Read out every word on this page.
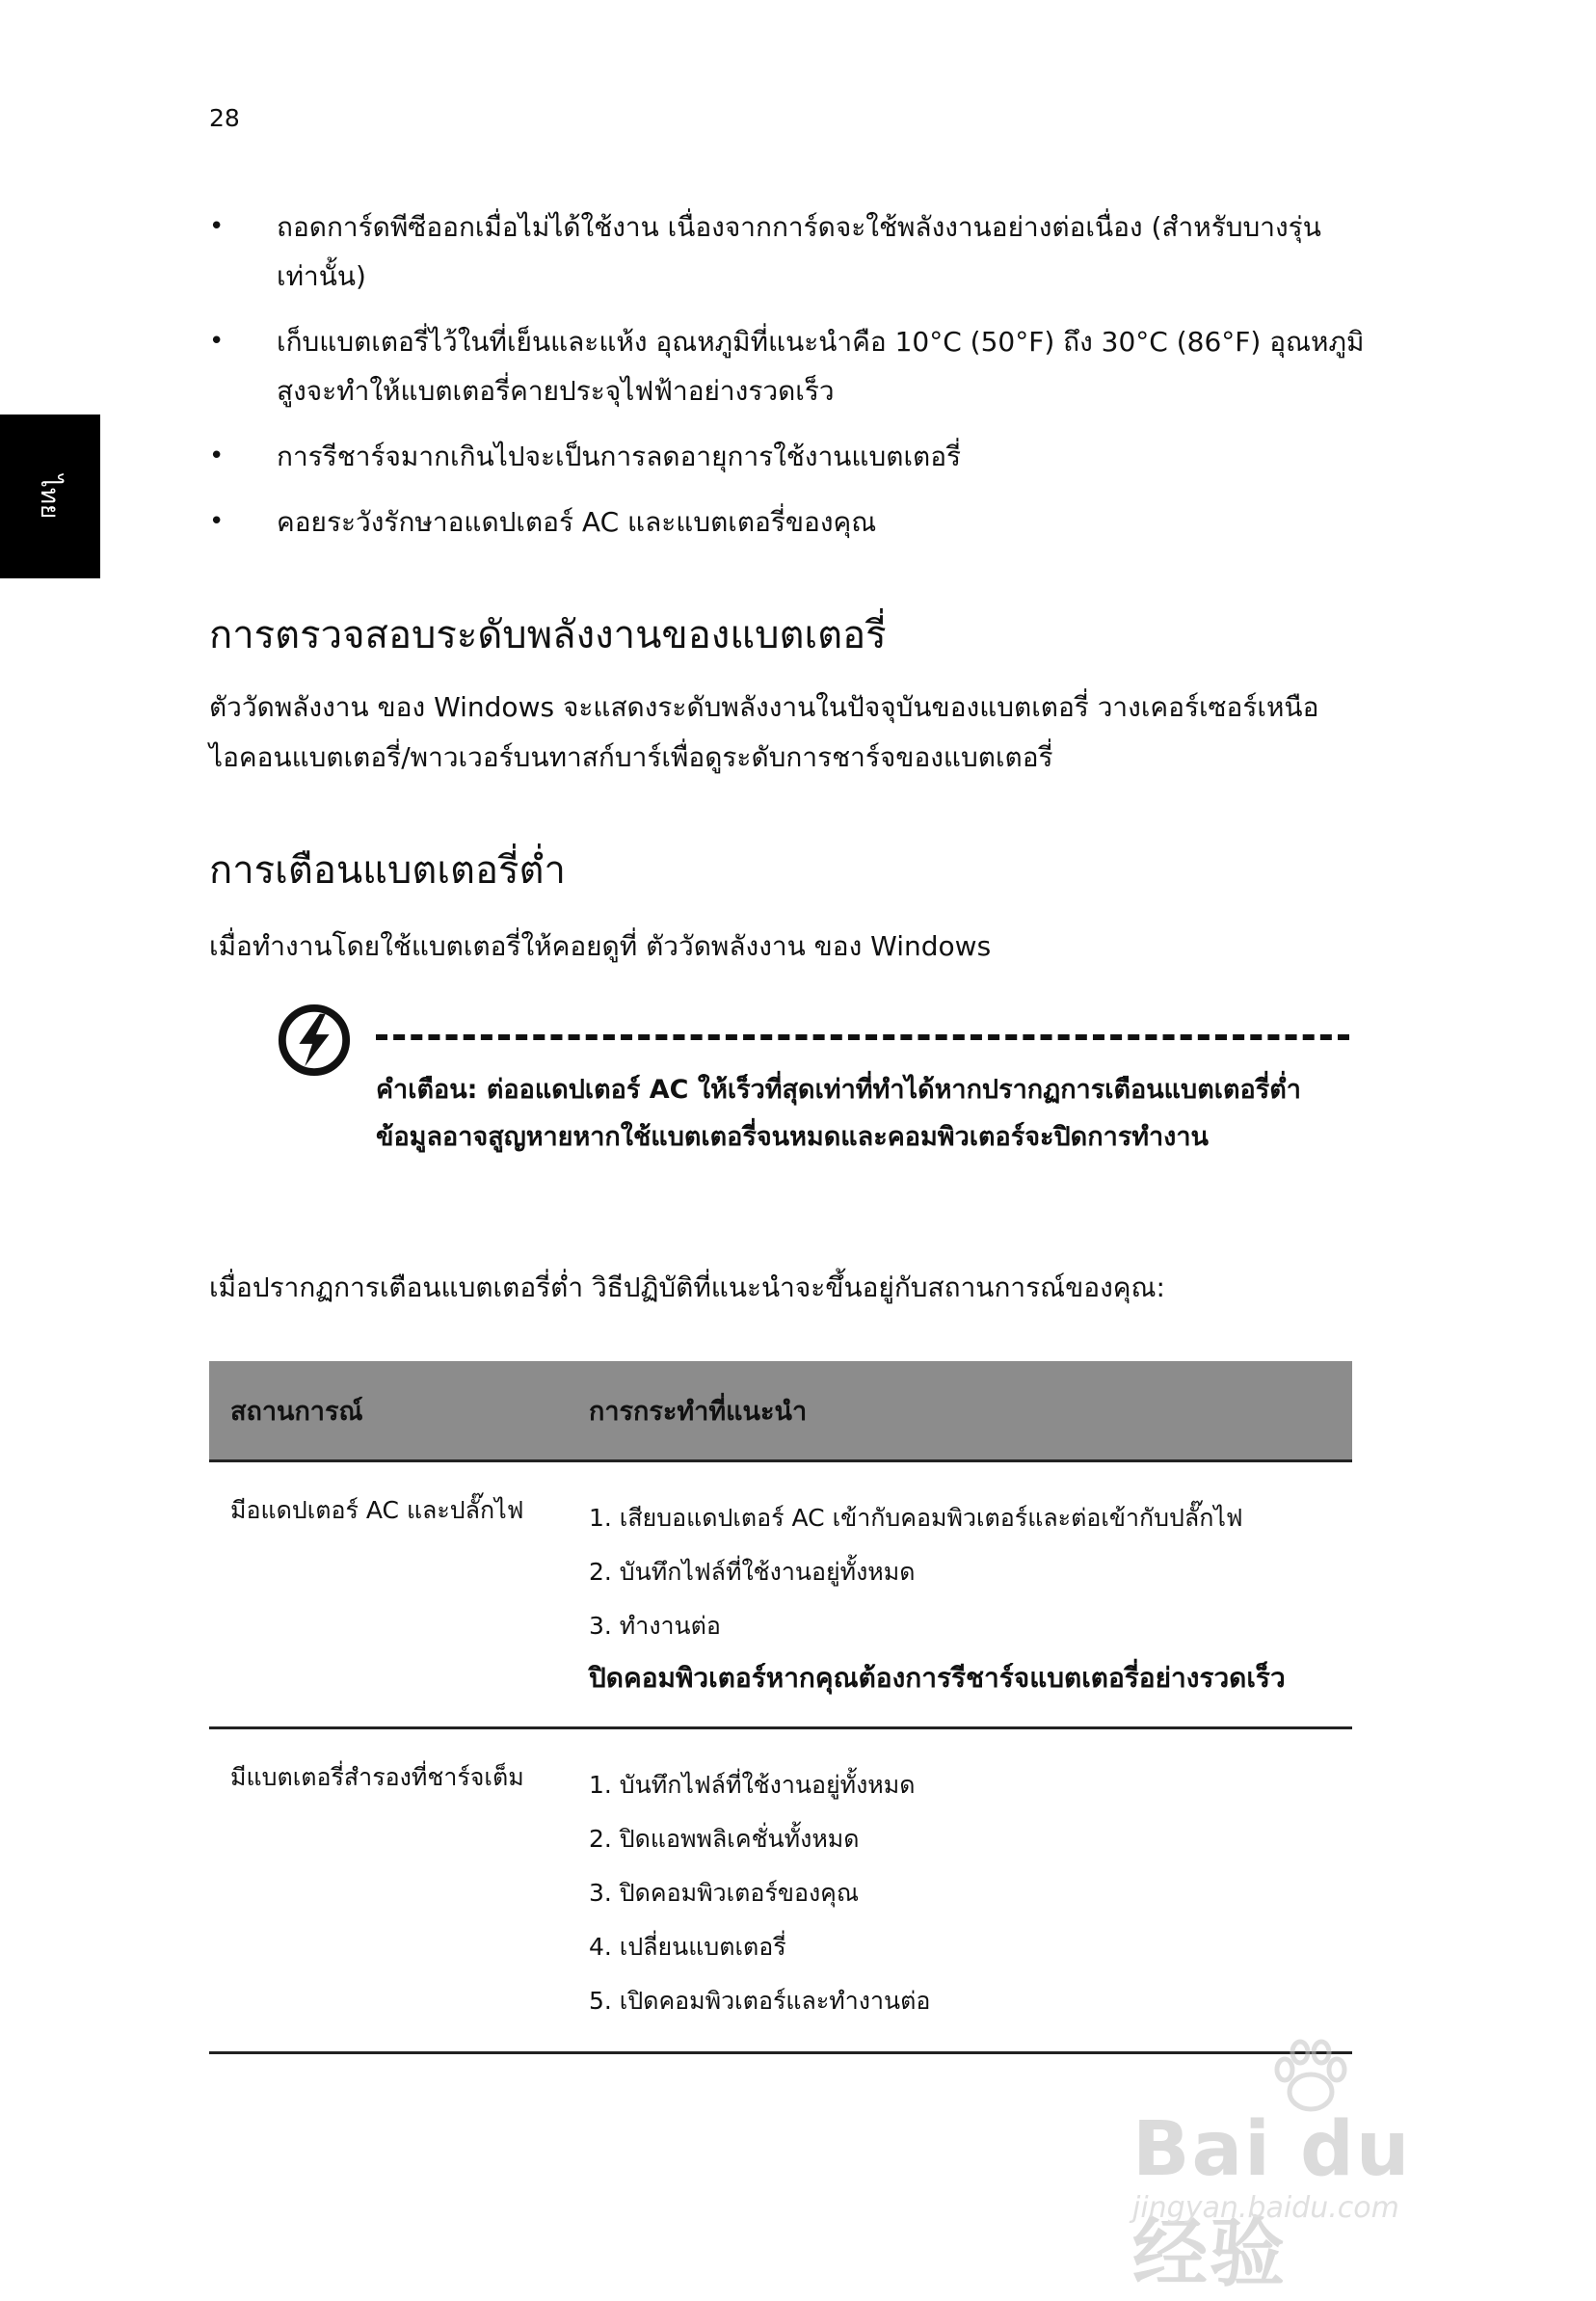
28
ไทย
• ถอดการ์ดพีซีออกเมื่อไม่ได้ใช้งาน เนื่องจากการ์ดจะใช้พลังงานอย่างต่อเนื่อง (สำหรับบางรุ่นเท่านั้น)
• เก็บแบตเตอรี่ไว้ในที่เย็นและแห้ง อุณหภูมิที่แนะนำคือ 10°C (50°F) ถึง 30°C (86°F) อุณหภูมิสูงจะทำให้แบตเตอรี่คายประจุไฟฟ้าอย่างรวดเร็ว
• การรีชาร์จมากเกินไปจะเป็นการลดอายุการใช้งานแบตเตอรี่
• คอยระวังรักษาอแดปเตอร์ AC และแบตเตอรี่ของคุณ
การตรวจสอบระดับพลังงานของแบตเตอรี่

ตัววัดพลังงาน ของ Windows จะแสดงระดับพลังงานในปัจจุบันของแบตเตอรี่ วางเคอร์เซอร์เหนือไอคอนแบตเตอรี่/พาวเวอร์บนทาสก์บาร์เพื่อดูระดับการชาร์จของแบตเตอรี่

การเตือนแบตเตอรี่ต่ำ

เมื่อทำงานโดยใช้แบตเตอรี่ให้คอยดูที่ ตัววัดพลังงาน ของ Windows

คำเตือน: ต่ออแดปเตอร์ AC ให้เร็วที่สุดเท่าที่ทำได้หากปรากฏการเตือนแบตเตอรี่ต่ำ ข้อมูลอาจสูญหายหากใช้แบตเตอรี่จนหมดและคอมพิวเตอร์จะปิดการทำงาน

เมื่อปรากฏการเตือนแบตเตอรี่ต่ำ วิธีปฏิบัติที่แนะนำจะขึ้นอยู่กับสถานการณ์ของคุณ:

สถานการณ์	การกระทำที่แนะนำ
มีอแดปเตอร์ AC และปลั๊กไฟ	1. เสียบอแดปเตอร์ AC เข้ากับคอมพิวเตอร์และต่อเข้ากับปลั๊กไฟ
2. บันทึกไฟล์ที่ใช้งานอยู่ทั้งหมด
3. ทำงานต่อ
ปิดคอมพิวเตอร์หากคุณต้องการรีชาร์จแบตเตอรี่อย่างรวดเร็ว

มีแบตเตอรี่สำรองที่ชาร์จเต็ม	1. บันทึกไฟล์ที่ใช้งานอยู่ทั้งหมด
2. ปิดแอพพลิเคชั่นทั้งหมด
3. ปิดคอมพิวเตอร์ของคุณ
4. เปลี่ยนแบตเตอรี่
5. เปิดคอมพิวเตอร์และทำงานต่อ
Bai du 经验
jingyan.baidu.com
